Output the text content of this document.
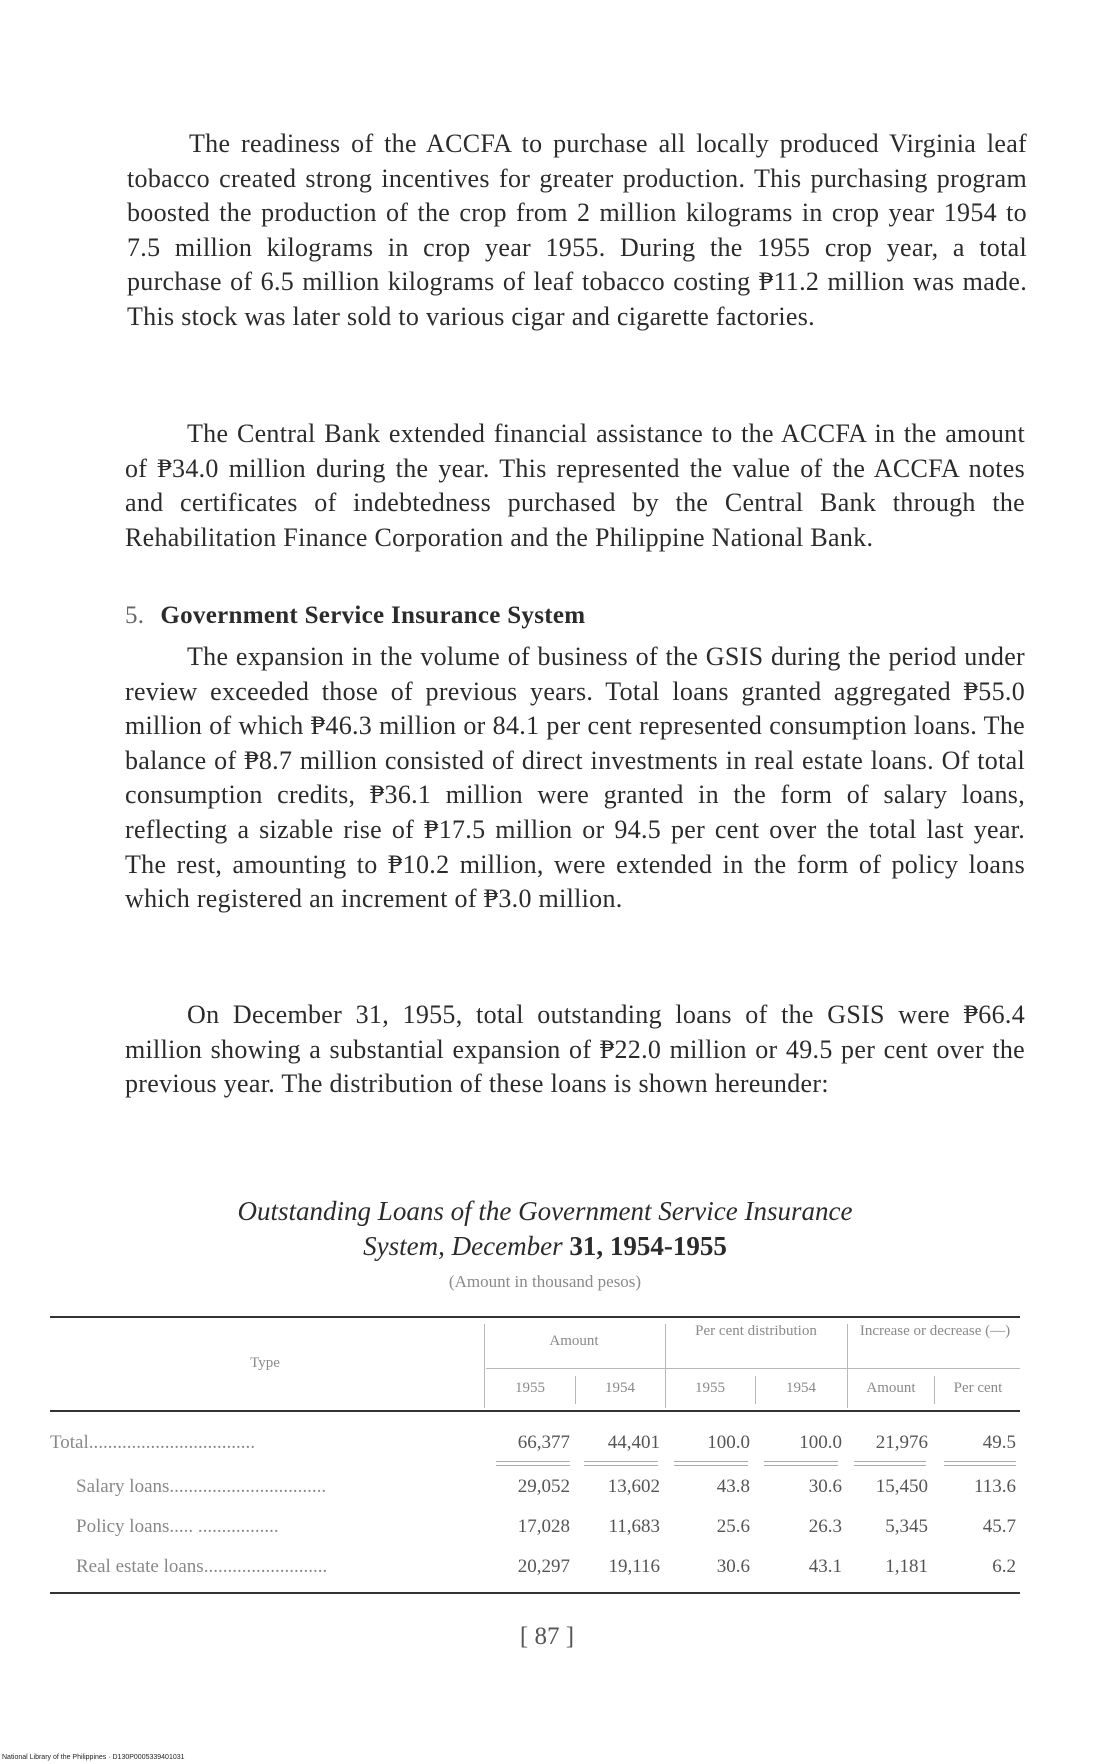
The readiness of the ACCFA to purchase all locally produced Virginia leaf tobacco created strong incentives for greater production. This purchasing program boosted the production of the crop from 2 million kilograms in crop year 1954 to 7.5 million kilograms in crop year 1955. During the 1955 crop year, a total purchase of 6.5 million kilograms of leaf tobacco costing ₱11.2 million was made. This stock was later sold to various cigar and cigarette factories.

The Central Bank extended financial assistance to the ACCFA in the amount of ₱34.0 million during the year. This represented the value of the ACCFA notes and certificates of indebtedness purchased by the Central Bank through the Rehabilitation Finance Corporation and the Philippine National Bank.

5. Government Service Insurance System

The expansion in the volume of business of the GSIS during the period under review exceeded those of previous years. Total loans granted aggregated ₱55.0 million of which ₱46.3 million or 84.1 per cent represented consumption loans. The balance of ₱8.7 million consisted of direct investments in real estate loans. Of total consumption credits, ₱36.1 million were granted in the form of salary loans, reflecting a sizable rise of ₱17.5 million or 94.5 per cent over the total last year. The rest, amounting to ₱10.2 million, were extended in the form of policy loans which registered an increment of ₱3.0 million.

On December 31, 1955, total outstanding loans of the GSIS were ₱66.4 million showing a substantial expansion of ₱22.0 million or 49.5 per cent over the previous year. The distribution of these loans is shown hereunder:

Outstanding Loans of the Government Service Insurance
System, December 31, 1954-1955
(Amount in thousand pesos)
Type
Amount
Per cent distribution	Increase or decrease (—)
1955	1954	1955	1954	Amount	Per cent
Total...................................	66,377	44,401	100.0	100.0	21,976	49.5
Salary loans.................................	29,052	13,602	43.8	30.6	15,450	113.6
Policy loans..... .................	17,028	11,683	25.6	26.3	5,345	45.7
Real estate loans..........................	20,297	19,116	30.6	43.1	1,181	6.2
[ 87 ]
National Library of the Philippines · D130P0005339401031
